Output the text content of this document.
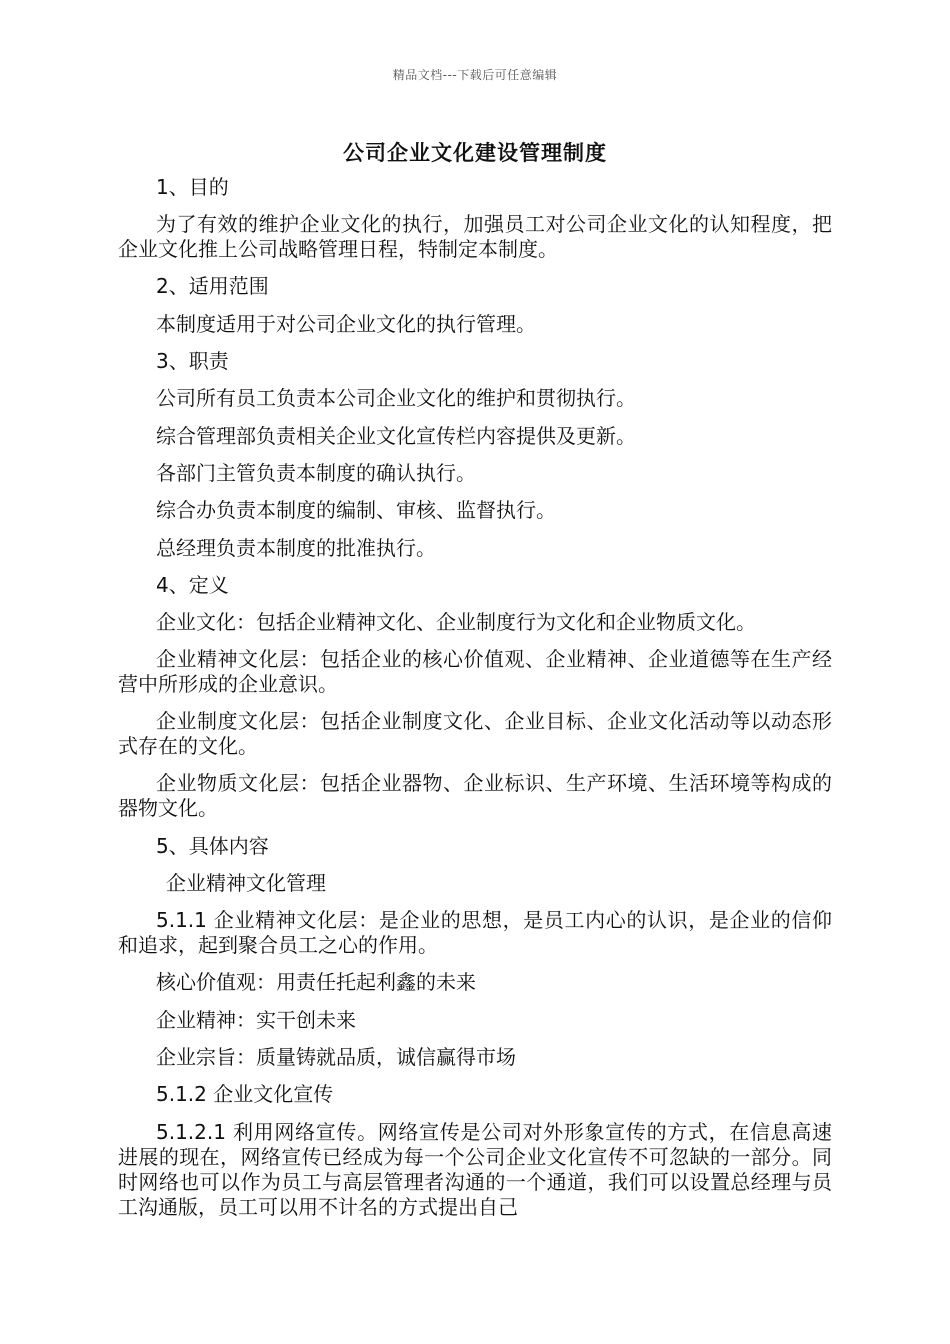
精品文档---下载后可任意编辑
公司企业文化建设管理制度
1、目的
为了有效的维护企业文化的执行，加强员工对公司企业文化的认知程度，把企业文化推上公司战略管理日程，特制定本制度。
2、适用范围
本制度适用于对公司企业文化的执行管理。
3、职责
公司所有员工负责本公司企业文化的维护和贯彻执行。
综合管理部负责相关企业文化宣传栏内容提供及更新。
各部门主管负责本制度的确认执行。
综合办负责本制度的编制、审核、监督执行。
总经理负责本制度的批准执行。
4、定义
企业文化：包括企业精神文化、企业制度行为文化和企业物质文化。
企业精神文化层：包括企业的核心价值观、企业精神、企业道德等在生产经营中所形成的企业意识。
企业制度文化层：包括企业制度文化、企业目标、企业文化活动等以动态形式存在的文化。
企业物质文化层：包括企业器物、企业标识、生产环境、生活环境等构成的器物文化。
5、具体内容
企业精神文化管理
5.1.1 企业精神文化层：是企业的思想，是员工内心的认识，是企业的信仰和追求，起到聚合员工之心的作用。
核心价值观：用责任托起利鑫的未来
企业精神：实干创未来
企业宗旨：质量铸就品质，诚信赢得市场
5.1.2 企业文化宣传
5.1.2.1 利用网络宣传。网络宣传是公司对外形象宣传的方式，在信息高速进展的现在，网络宣传已经成为每一个公司企业文化宣传不可忽缺的一部分。同时网络也可以作为员工与高层管理者沟通的一个通道，我们可以设置总经理与员工沟通版，员工可以用不计名的方式提出自己
